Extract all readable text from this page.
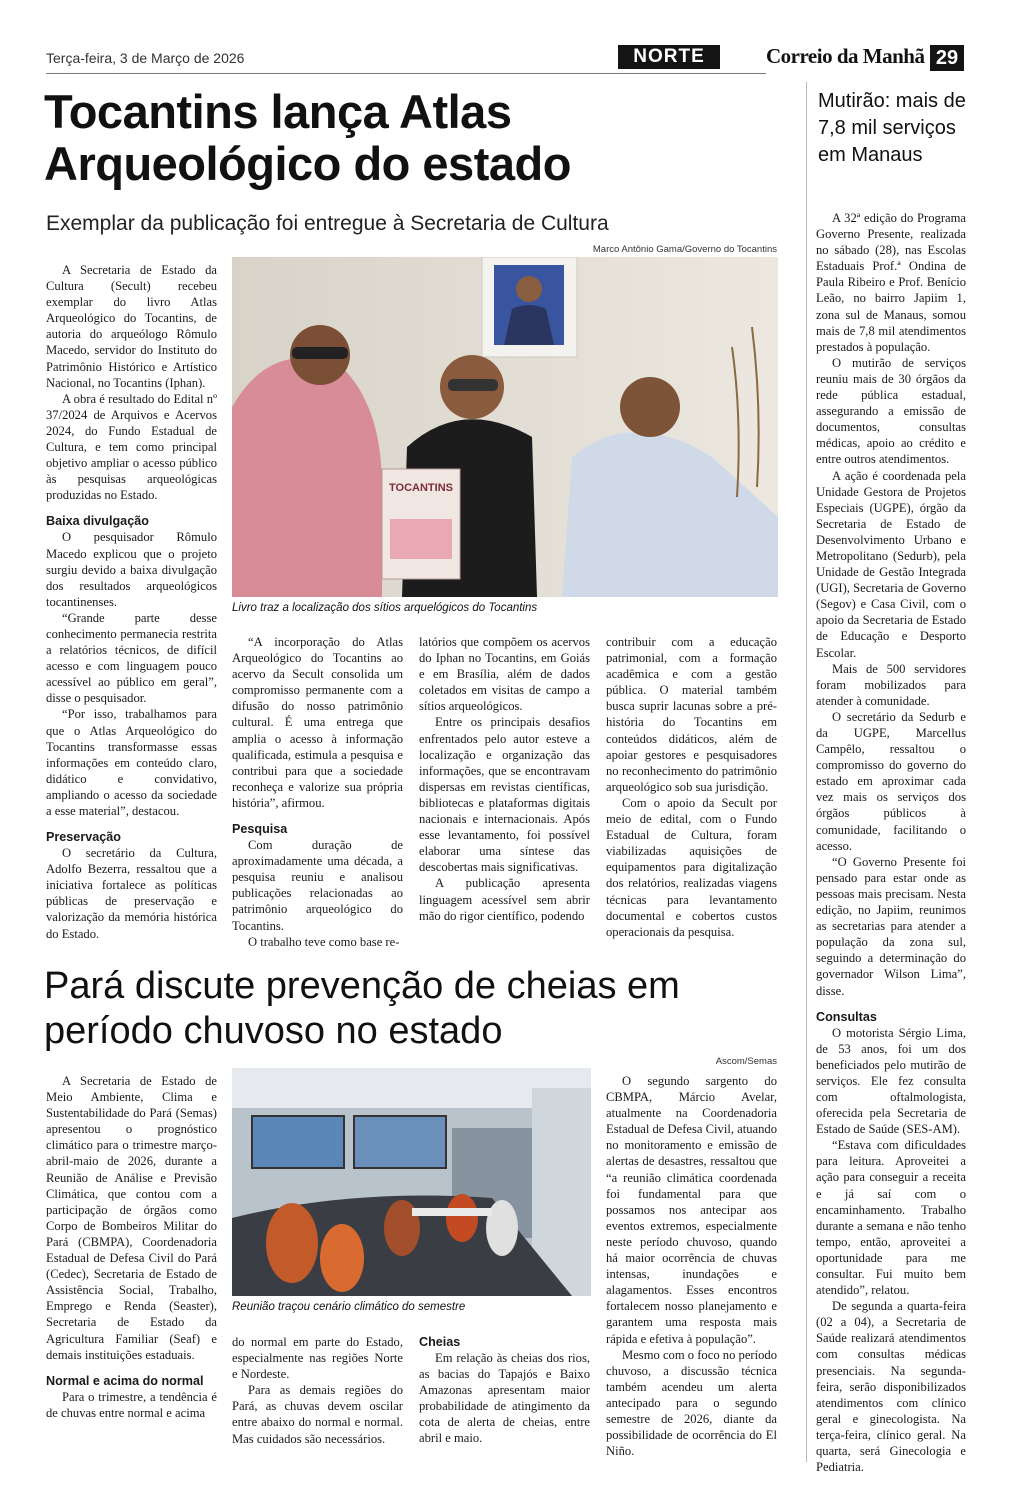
Terça-feira, 3 de Março de 2026	NORTE	Correio da Manhã 29
Tocantins lança Atlas Arqueológico do estado
Exemplar da publicação foi entregue à Secretaria de Cultura
Marco Antônio Gama/Governo do Tocantins
TOCANTINS
Livro traz a localização dos sítios arquelógicos do Tocantins

A Secretaria de Estado da Cultura (Secult) recebeu exemplar do livro Atlas Arqueológico do Tocantins, de autoria do arqueólogo Rômulo Macedo, servidor do Instituto do Patrimônio Histórico e Artístico Nacional, no Tocantins (Iphan).

A obra é resultado do Edital nº 37/2024 de Arquivos e Acervos 2024, do Fundo Estadual de Cultura, e tem como principal objetivo ampliar o acesso público às pesquisas arqueológicas produzidas no Estado.

Baixa divulgação

O pesquisador Rômulo Macedo explicou que o projeto surgiu devido a baixa divulgação dos resultados arqueológicos tocantinenses.

“Grande parte desse conhecimento permanecia restrita a relatórios técnicos, de difícil acesso e com linguagem pouco acessível ao público em geral”, disse o pesquisador.

“Por isso, trabalhamos para que o Atlas Arqueológico do Tocantins transformasse essas informações em conteúdo claro, didático e convidativo, ampliando o acesso da sociedade a esse material”, destacou.

Preservação

O secretário da Cultura, Adolfo Bezerra, ressaltou que a iniciativa fortalece as políticas públicas de preservação e valorização da memória histórica do Estado.

“A incorporação do Atlas Arqueológico do Tocantins ao acervo da Secult consolida um compromisso permanente com a difusão do nosso patrimônio cultural. É uma entrega que amplia o acesso à informação qualificada, estimula a pesquisa e contribui para que a sociedade reconheça e valorize sua própria história”, afirmou.

Pesquisa

Com duração de aproximadamente uma década, a pesquisa reuniu e analisou publicações relacionadas ao patrimônio arqueológico do Tocantins.

O trabalho teve como base re-

latórios que compõem os acervos do Iphan no Tocantins, em Goiás e em Brasília, além de dados coletados em visitas de campo a sítios arqueológicos.

Entre os principais desafios enfrentados pelo autor esteve a localização e organização das informações, que se encontravam dispersas em revistas científicas, bibliotecas e plataformas digitais nacionais e internacionais. Após esse levantamento, foi possível elaborar uma síntese das descobertas mais significativas.

A publicação apresenta linguagem acessível sem abrir mão do rigor científico, podendo

contribuir com a educação patrimonial, com a formação acadêmica e com a gestão pública. O material também busca suprir lacunas sobre a pré-história do Tocantins em conteúdos didáticos, além de apoiar gestores e pesquisadores no reconhecimento do patrimônio arqueológico sob sua jurisdição.

Com o apoio da Secult por meio de edital, com o Fundo Estadual de Cultura, foram viabilizadas aquisições de equipamentos para digitalização dos relatórios, realizadas viagens técnicas para levantamento documental e cobertos custos operacionais da pesquisa.

Pará discute prevenção de cheias em período chuvoso no estado
Ascom/Semas
Reunião traçou cenário climático do semestre

A Secretaria de Estado de Meio Ambiente, Clima e Sustentabilidade do Pará (Semas) apresentou o prognóstico climático para o trimestre março-abril-maio de 2026, durante a Reunião de Análise e Previsão Climática, que contou com a participação de órgãos como Corpo de Bombeiros Militar do Pará (CBMPA), Coordenadoria Estadual de Defesa Civil do Pará (Cedec), Secretaria de Estado de Assistência Social, Trabalho, Emprego e Renda (Seaster), Secretaria de Estado da Agricultura Familiar (Seaf) e demais instituições estaduais.

Normal e acima do normal

Para o trimestre, a tendência é de chuvas entre normal e acima

do normal em parte do Estado, especialmente nas regiões Norte e Nordeste.

Para as demais regiões do Pará, as chuvas devem oscilar entre abaixo do normal e normal. Mas cuidados são necessários.

Cheias

Em relação às cheias dos rios, as bacias do Tapajós e Baixo Amazonas apresentam maior probabilidade de atingimento da cota de alerta de cheias, entre abril e maio.

O segundo sargento do CBMPA, Márcio Avelar, atualmente na Coordenadoria Estadual de Defesa Civil, atuando no monitoramento e emissão de alertas de desastres, ressaltou que “a reunião climática coordenada foi fundamental para que possamos nos antecipar aos eventos extremos, especialmente neste período chuvoso, quando há maior ocorrência de chuvas intensas, inundações e alagamentos. Esses encontros fortalecem nosso planejamento e garantem uma resposta mais rápida e efetiva à população”.

Mesmo com o foco no período chuvoso, a discussão técnica também acendeu um alerta antecipado para o segundo semestre de 2026, diante da possibilidade de ocorrência do El Niño.

Mutirão: mais de 7,8 mil serviços em Manaus

A 32ª edição do Programa Governo Presente, realizada no sábado (28), nas Escolas Estaduais Prof.ª Ondina de Paula Ribeiro e Prof. Benício Leão, no bairro Japiim 1, zona sul de Manaus, somou mais de 7,8 mil atendimentos prestados à população.

O mutirão de serviços reuniu mais de 30 órgãos da rede pública estadual, assegurando a emissão de documentos, consultas médicas, apoio ao crédito e entre outros atendimentos.

A ação é coordenada pela Unidade Gestora de Projetos Especiais (UGPE), órgão da Secretaria de Estado de Desenvolvimento Urbano e Metropolitano (Sedurb), pela Unidade de Gestão Integrada (UGI), Secretaria de Governo (Segov) e Casa Civil, com o apoio da Secretaria de Estado de Educação e Desporto Escolar.

Mais de 500 servidores foram mobilizados para atender à comunidade.

O secretário da Sedurb e da UGPE, Marcellus Campêlo, ressaltou o compromisso do governo do estado em aproximar cada vez mais os serviços dos órgãos públicos à comunidade, facilitando o acesso.

“O Governo Presente foi pensado para estar onde as pessoas mais precisam. Nesta edição, no Japiim, reunimos as secretarias para atender a população da zona sul, seguindo a determinação do governador Wilson Lima”, disse.

Consultas

O motorista Sérgio Lima, de 53 anos, foi um dos beneficiados pelo mutirão de serviços. Ele fez consulta com oftalmologista, oferecida pela Secretaria de Estado de Saúde (SES-AM).

“Estava com dificuldades para leitura. Aproveitei a ação para conseguir a receita e já saí com o encaminhamento. Trabalho durante a semana e não tenho tempo, então, aproveitei a oportunidade para me consultar. Fui muito bem atendido”, relatou.

De segunda a quarta-feira (02 a 04), a Secretaria de Saúde realizará atendimentos com consultas médicas presenciais. Na segunda-feira, serão disponibilizados atendimentos com clínico geral e ginecologista. Na terça-feira, clínico geral. Na quarta, será Ginecologia e Pediatria.
